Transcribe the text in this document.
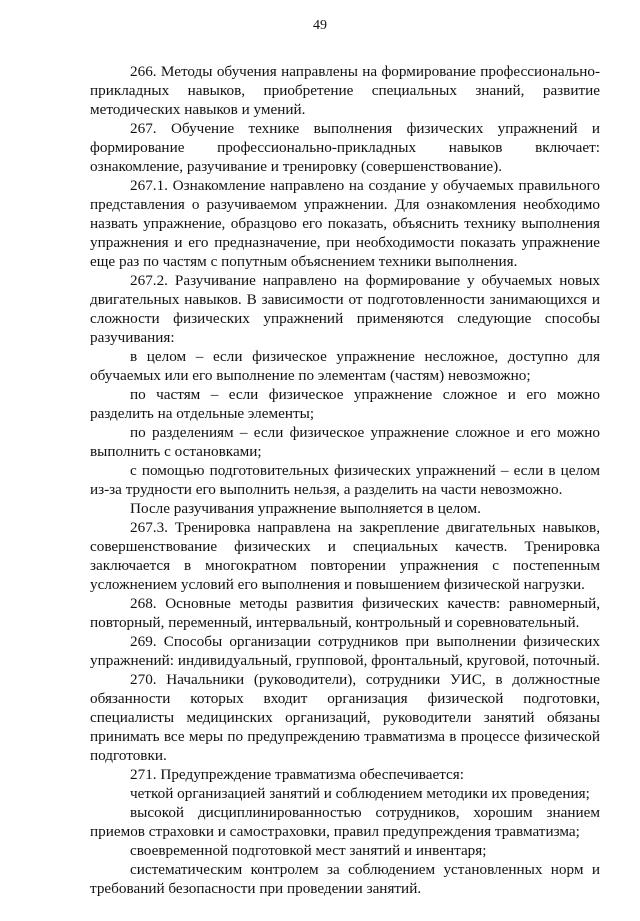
49

266. Методы обучения направлены на формирование профессионально-прикладных навыков, приобретение специальных знаний, развитие методических навыков и умений.

267. Обучение технике выполнения физических упражнений и формирование профессионально-прикладных навыков включает: ознакомление, разучивание и тренировку (совершенствование).

267.1. Ознакомление направлено на создание у обучаемых правильного представления о разучиваемом упражнении. Для ознакомления необходимо назвать упражнение, образцово его показать, объяснить технику выполнения упражнения и его предназначение, при необходимости показать упражнение еще раз по частям с попутным объяснением техники выполнения.

267.2. Разучивание направлено на формирование у обучаемых новых двигательных навыков. В зависимости от подготовленности занимающихся и сложности физических упражнений применяются следующие способы разучивания:

в целом – если физическое упражнение несложное, доступно для обучаемых или его выполнение по элементам (частям) невозможно;

по частям – если физическое упражнение сложное и его можно разделить на отдельные элементы;

по разделениям – если физическое упражнение сложное и его можно выполнить с остановками;

с помощью подготовительных физических упражнений – если в целом из-за трудности его выполнить нельзя, а разделить на части невозможно.

После разучивания упражнение выполняется в целом.

267.3. Тренировка направлена на закрепление двигательных навыков, совершенствование физических и специальных качеств. Тренировка заключается в многократном повторении упражнения с постепенным усложнением условий его выполнения и повышением физической нагрузки.

268. Основные методы развития физических качеств: равномерный, повторный, переменный, интервальный, контрольный и соревновательный.

269. Способы организации сотрудников при выполнении физических упражнений: индивидуальный, групповой, фронтальный, круговой, поточный.

270. Начальники (руководители), сотрудники УИС, в должностные обязанности которых входит организация физической подготовки, специалисты медицинских организаций, руководители занятий обязаны принимать все меры по предупреждению травматизма в процессе физической подготовки.

271. Предупреждение травматизма обеспечивается:

четкой организацией занятий и соблюдением методики их проведения;

высокой дисциплинированностью сотрудников, хорошим знанием приемов страховки и самостраховки, правил предупреждения травматизма;

своевременной подготовкой мест занятий и инвентаря;

систематическим контролем за соблюдением установленных норм и требований безопасности при проведении занятий.
